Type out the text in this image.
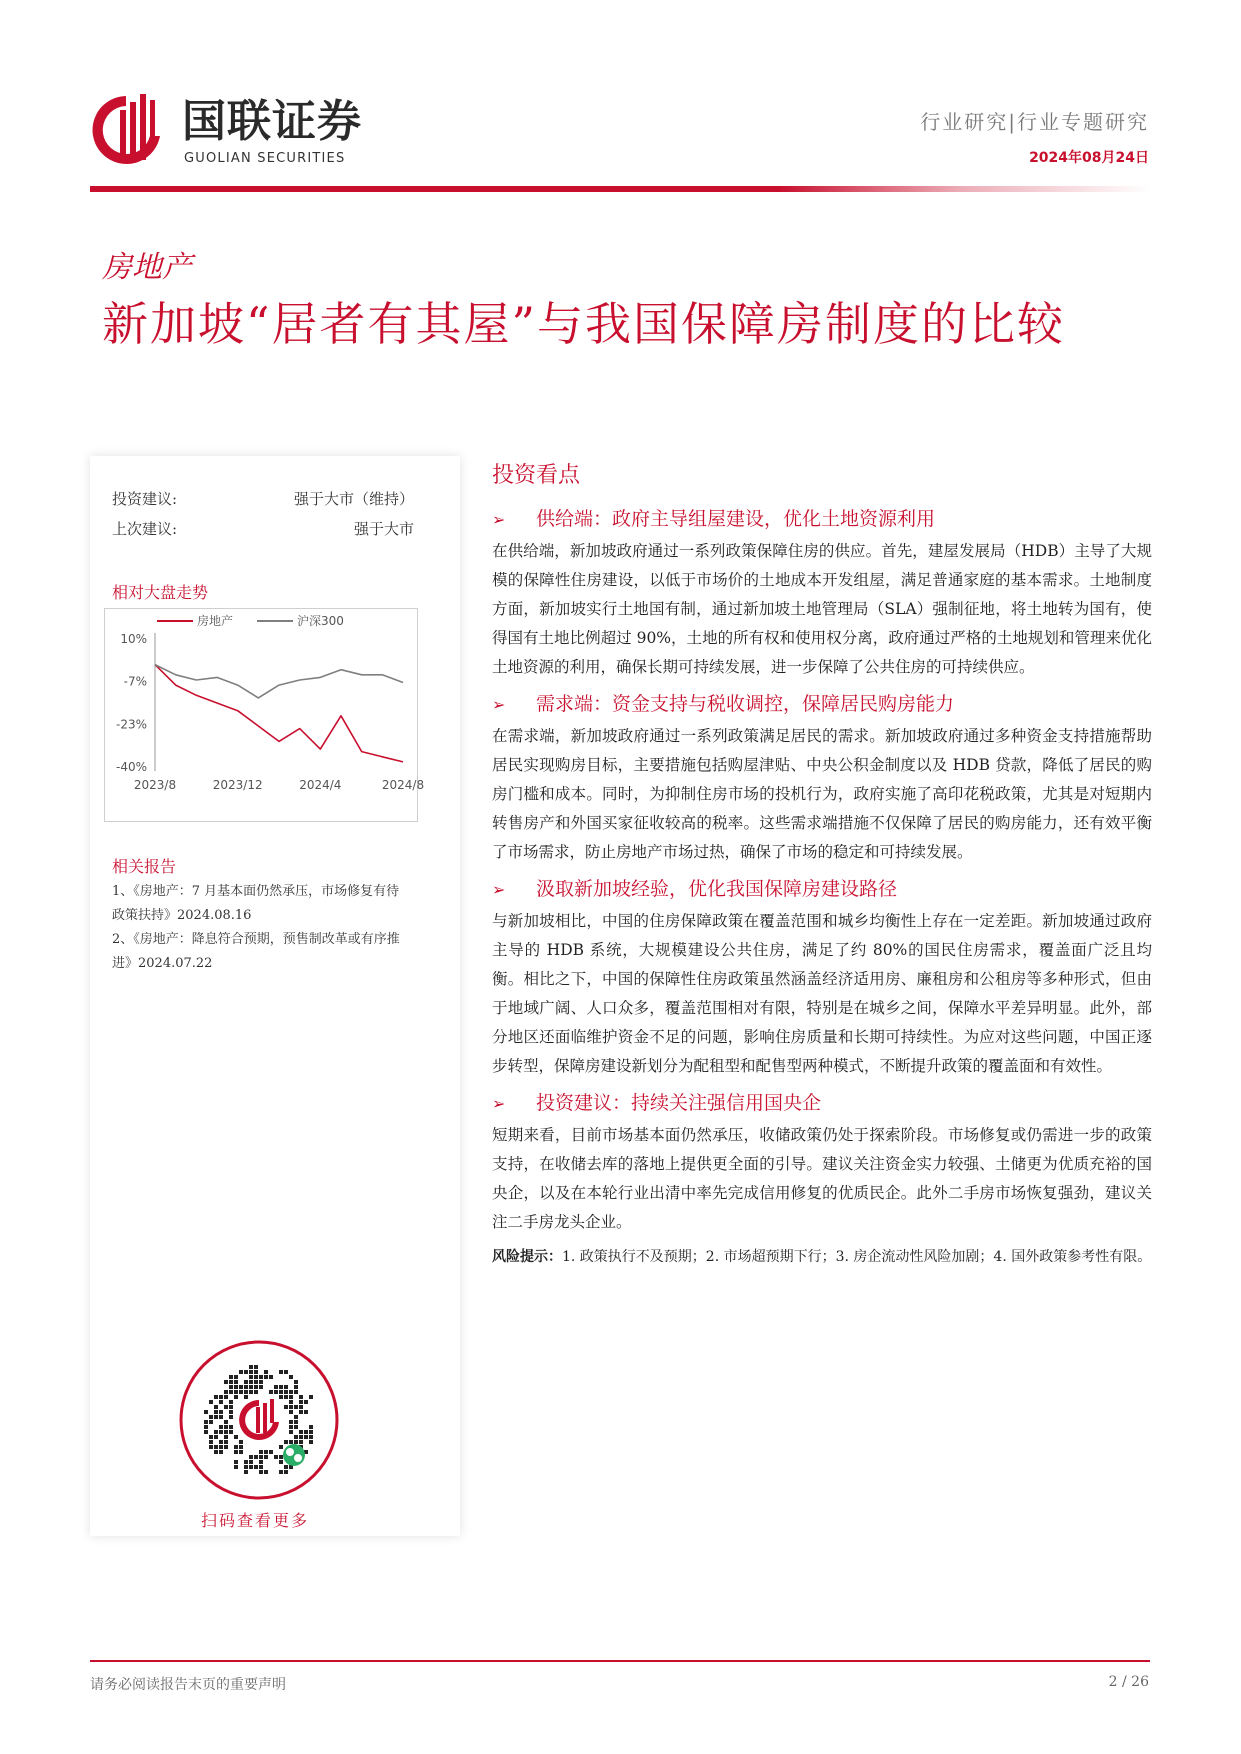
国联证券
GUOLIAN SECURITIES
行业研究|行业专题研究
2024年08月24日
房地产
新加坡“居者有其屋”与我国保障房制度的比较
投资建议:	强于大市（维持）
上次建议:	强于大市
相对大盘走势
10%
-7%
-23%
-40%
2023/8	2023/12	2024/4	2024/8
房地产	沪深300
相关报告
1、《房地产：7 月基本面仍然承压，市场修复有待政策扶持》2024.08.16
2、《房地产：降息符合预期，预售制改革或有序推进》2024.07.22
扫码查看更多
投资看点
➢ 供给端：政府主导组屋建设，优化土地资源利用

在供给端，新加坡政府通过一系列政策保障住房的供应。首先，建屋发展局（HDB）主导了大规模的保障性住房建设，以低于市场价的土地成本开发组屋，满足普通家庭的基本需求。土地制度方面，新加坡实行土地国有制，通过新加坡土地管理局（SLA）强制征地，将土地转为国有，使得国有土地比例超过 90%，土地的所有权和使用权分离，政府通过严格的土地规划和管理来优化土地资源的利用，确保长期可持续发展，进一步保障了公共住房的可持续供应。

➢ 需求端：资金支持与税收调控，保障居民购房能力

在需求端，新加坡政府通过一系列政策满足居民的需求。新加坡政府通过多种资金支持措施帮助居民实现购房目标，主要措施包括购屋津贴、中央公积金制度以及 HDB 贷款，降低了居民的购房门槛和成本。同时，为抑制住房市场的投机行为，政府实施了高印花税政策，尤其是对短期内转售房产和外国买家征收较高的税率。这些需求端措施不仅保障了居民的购房能力，还有效平衡了市场需求，防止房地产市场过热，确保了市场的稳定和可持续发展。

➢ 汲取新加坡经验，优化我国保障房建设路径

与新加坡相比，中国的住房保障政策在覆盖范围和城乡均衡性上存在一定差距。新加坡通过政府主导的 HDB 系统，大规模建设公共住房，满足了约 80%的国民住房需求，覆盖面广泛且均衡。相比之下，中国的保障性住房政策虽然涵盖经济适用房、廉租房和公租房等多种形式，但由于地域广阔、人口众多，覆盖范围相对有限，特别是在城乡之间，保障水平差异明显。此外，部分地区还面临维护资金不足的问题，影响住房质量和长期可持续性。为应对这些问题，中国正逐步转型，保障房建设新划分为配租型和配售型两种模式，不断提升政策的覆盖面和有效性。

➢ 投资建议：持续关注强信用国央企

短期来看，目前市场基本面仍然承压，收储政策仍处于探索阶段。市场修复或仍需进一步的政策支持，在收储去库的落地上提供更全面的引导。建议关注资金实力较强、土储更为优质充裕的国央企，以及在本轮行业出清中率先完成信用修复的优质民企。此外二手房市场恢复强劲，建议关注二手房龙头企业。

风险提示：1. 政策执行不及预期；2. 市场超预期下行；3. 房企流动性风险加剧；4. 国外政策参考性有限。
请务必阅读报告末页的重要声明	2 / 26
